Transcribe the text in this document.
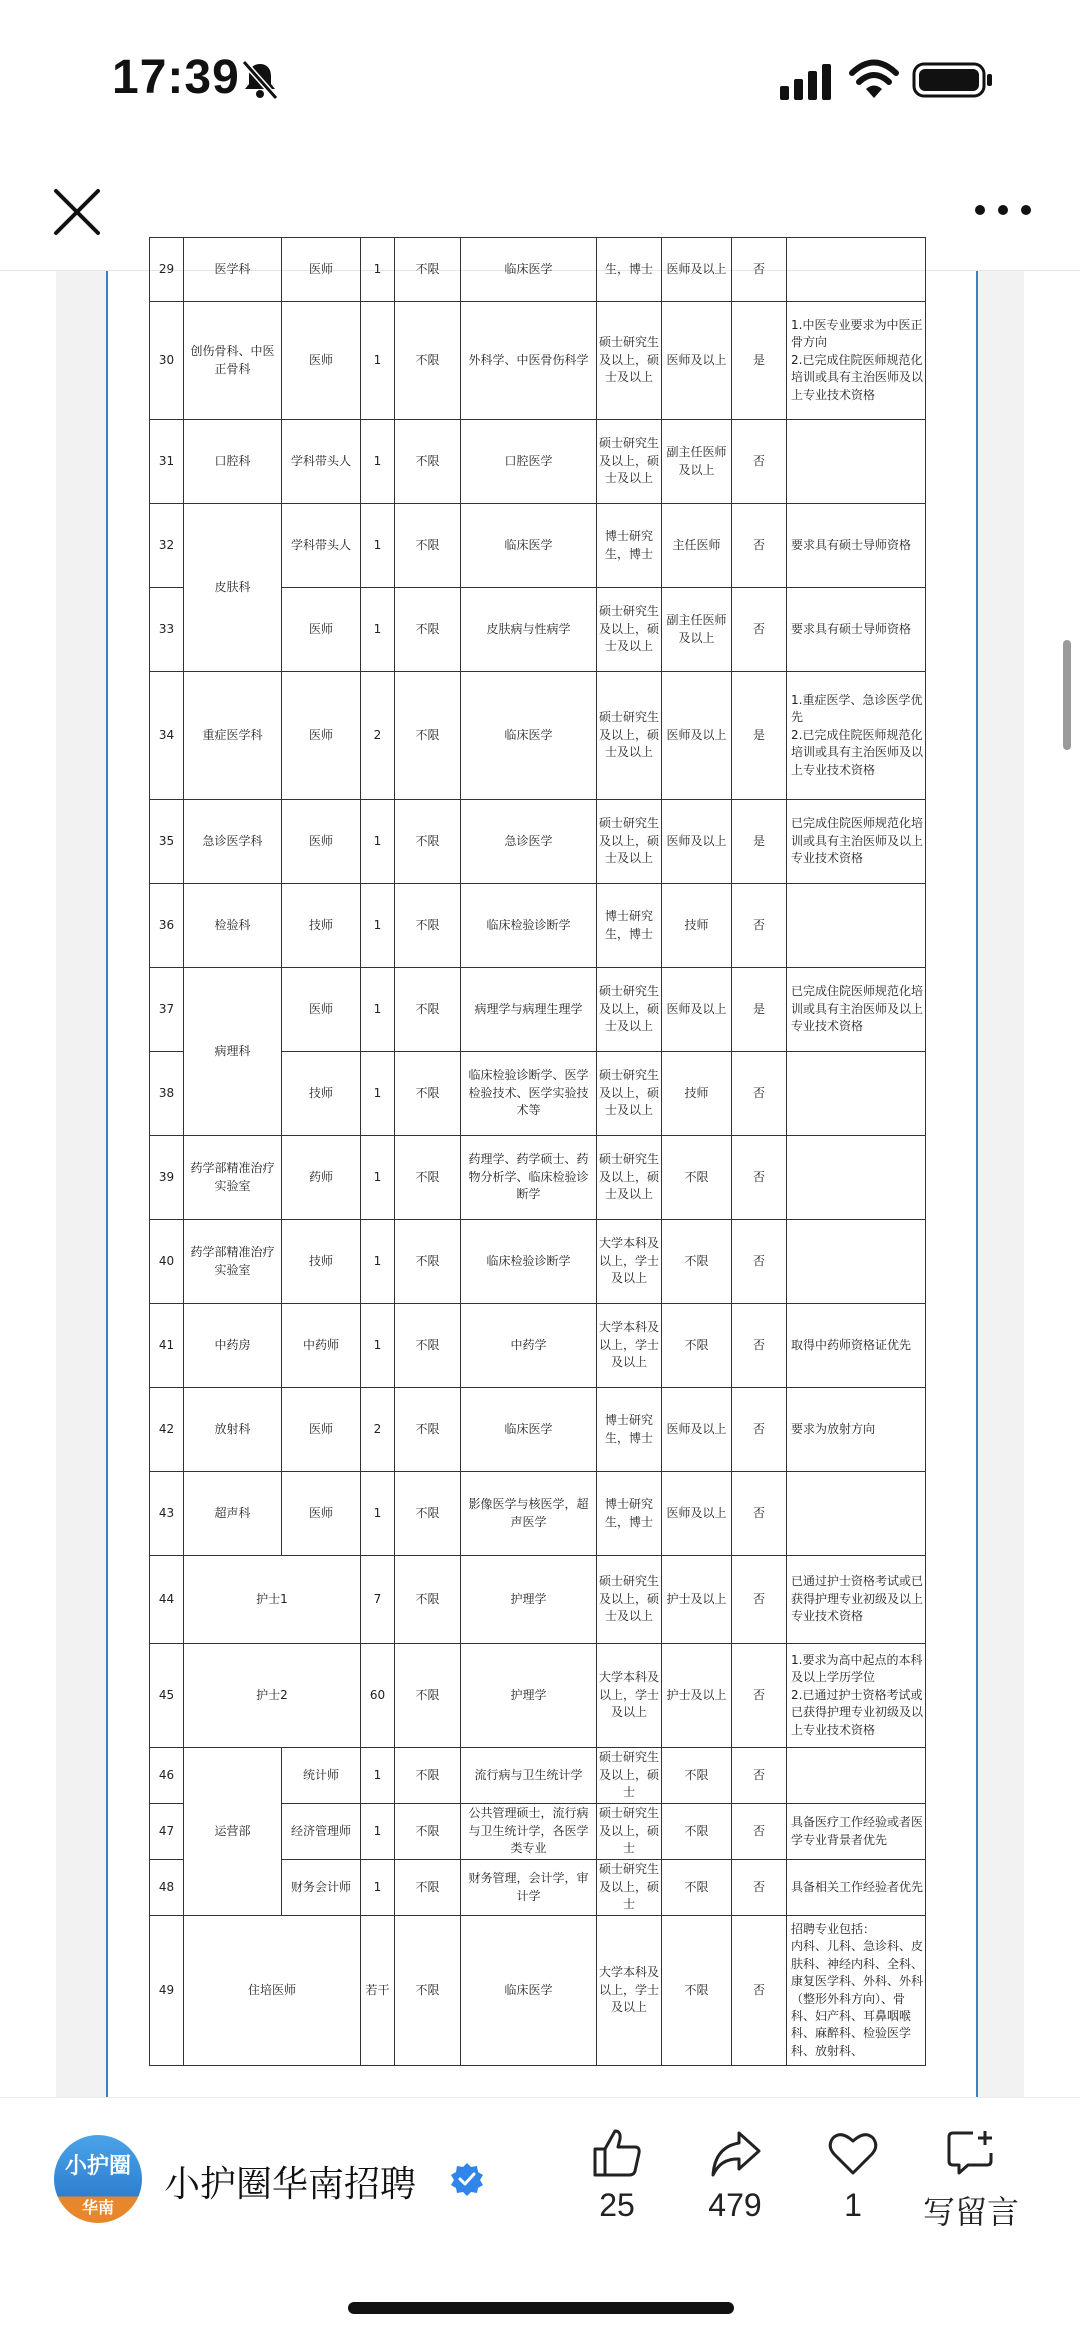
17:39
29	医学科	医师	1	不限	临床医学	生，博士	医师及以上	否	
30	创伤骨科、中医正骨科	医师	1	不限	外科学、中医骨伤科学	硕士研究生及以上，硕士及以上	医师及以上	是	1.中医专业要求为中医正骨方向
2.已完成住院医师规范化培训或具有主治医师及以上专业技术资格
31	口腔科	学科带头人	1	不限	口腔医学	硕士研究生及以上，硕士及以上	副主任医师及以上	否	
32	皮肤科	学科带头人	1	不限	临床医学	博士研究生，博士	主任医师	否	要求具有硕士导师资格
33		医师	1	不限	皮肤病与性病学	硕士研究生及以上，硕士及以上	副主任医师及以上	否	要求具有硕士导师资格
34	重症医学科	医师	2	不限	临床医学	硕士研究生及以上，硕士及以上	医师及以上	是	1.重症医学、急诊医学优先
2.已完成住院医师规范化培训或具有主治医师及以上专业技术资格
35	急诊医学科	医师	1	不限	急诊医学	硕士研究生及以上，硕士及以上	医师及以上	是	已完成住院医师规范化培训或具有主治医师及以上专业技术资格
36	检验科	技师	1	不限	临床检验诊断学	博士研究生，博士	技师	否	
37	病理科	医师	1	不限	病理学与病理生理学	硕士研究生及以上，硕士及以上	医师及以上	是	已完成住院医师规范化培训或具有主治医师及以上专业技术资格
38		技师	1	不限	临床检验诊断学、医学检验技术、医学实验技术等	硕士研究生及以上，硕士及以上	技师	否	
39	药学部精准治疗实验室	药师	1	不限	药理学、药学硕士、药物分析学、临床检验诊断学	硕士研究生及以上，硕士及以上	不限	否	
40	药学部精准治疗实验室	技师	1	不限	临床检验诊断学	大学本科及以上，学士及以上	不限	否	
41	中药房	中药师	1	不限	中药学	大学本科及以上，学士及以上	不限	否	取得中药师资格证优先
42	放射科	医师	2	不限	临床医学	博士研究生，博士	医师及以上	否	要求为放射方向
43	超声科	医师	1	不限	影像医学与核医学，超声医学	博士研究生，博士	医师及以上	否	
44	护士1		7	不限	护理学	硕士研究生及以上，硕士及以上	护士及以上	否	已通过护士资格考试或已获得护理专业初级及以上专业技术资格
45	护士2		60	不限	护理学	大学本科及以上，学士及以上	护士及以上	否	1.要求为高中起点的本科及以上学历学位
2.已通过护士资格考试或已获得护理专业初级及以上专业技术资格
46	运营部	统计师	1	不限	流行病与卫生统计学	硕士研究生及以上，硕士	不限	否	
47		经济管理师	1	不限	公共管理硕士，流行病与卫生统计学，各医学类专业	硕士研究生及以上，硕士	不限	否	具备医疗工作经验或者医学专业背景者优先
48		财务会计师	1	不限	财务管理，会计学，审计学	硕士研究生及以上，硕士	不限	否	具备相关工作经验者优先
49	住培医师		若干	不限	临床医学	大学本科及以上，学士及以上	不限	否	招聘专业包括：
内科、儿科、急诊科、皮肤科、神经内科、全科、康复医学科、外科、外科（整形外科方向）、骨科、妇产科、耳鼻咽喉科、麻醉科、检验医学科、放射科、
小护圈
华南
小护圈华南招聘	25	479	1	写留言
